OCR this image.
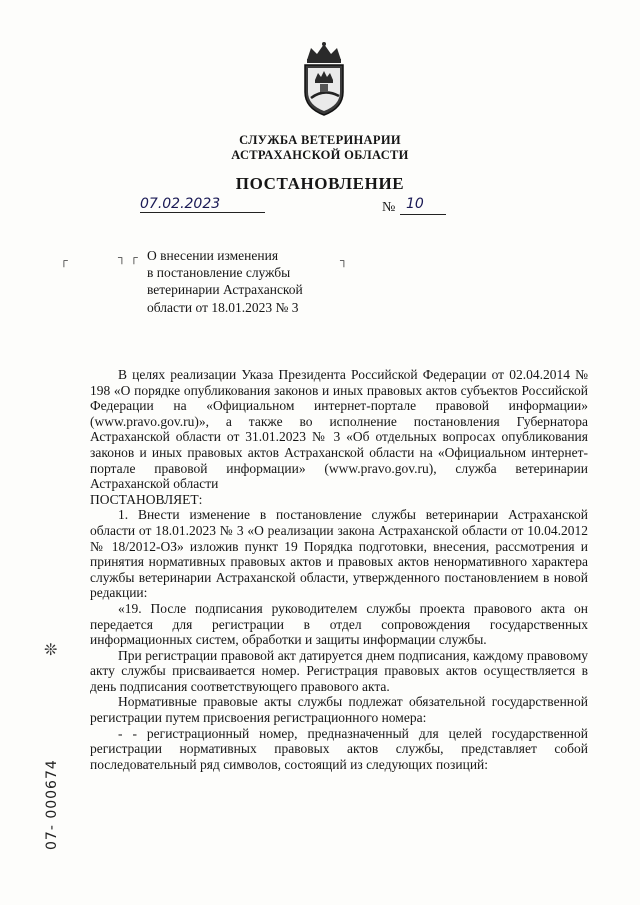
СЛУЖБА ВЕТЕРИНАРИИ
АСТРАХАНСКОЙ ОБЛАСТИ
ПОСТАНОВЛЕНИЕ
07.02.2023	№ 10
┌	┐ ┌	┐
О внесении изменения
в постановление службы
ветеринарии Астраханской
области от 18.01.2023 № 3

В целях реализации Указа Президента Российской Федерации от 02.04.2014 № 198 «О порядке опубликования законов и иных правовых актов субъектов Российской Федерации на «Официальном интернет-портале правовой информации» (www.pravo.gov.ru)», а также во исполнение постановления Губернатора Астраханской области от 31.01.2023 № 3 «Об отдельных вопросах опубликования законов и иных правовых актов Астраханской области на «Официальном интернет-портале правовой информации» (www.pravo.gov.ru), служба ветеринарии Астраханской области

ПОСТАНОВЛЯЕТ:

1. Внести изменение в постановление службы ветеринарии Астраханской области от 18.01.2023 № 3 «О реализации закона Астраханской области от 10.04.2012 № 18/2012-ОЗ» изложив пункт 19 Порядка подготовки, внесения, рассмотрения и принятия нормативных правовых актов и правовых актов ненормативного характера службы ветеринарии Астраханской области, утвержденного постановлением в новой редакции:

«19. После подписания руководителем службы проекта правового акта он передается для регистрации в отдел сопровождения государственных информационных систем, обработки и защиты информации службы.

При регистрации правовой акт датируется днем подписания, каждому правовому акту службы присваивается номер. Регистрация правовых актов осуществляется в день подписания соответствующего правового акта.

Нормативные правовые акты службы подлежат обязательной государственной регистрации путем присвоения регистрационного номера:

- - регистрационный номер, предназначенный для целей государственной регистрации нормативных правовых актов службы, представляет собой последовательный ряд символов, состоящий из следующих позиций:

❊
07- 000674
